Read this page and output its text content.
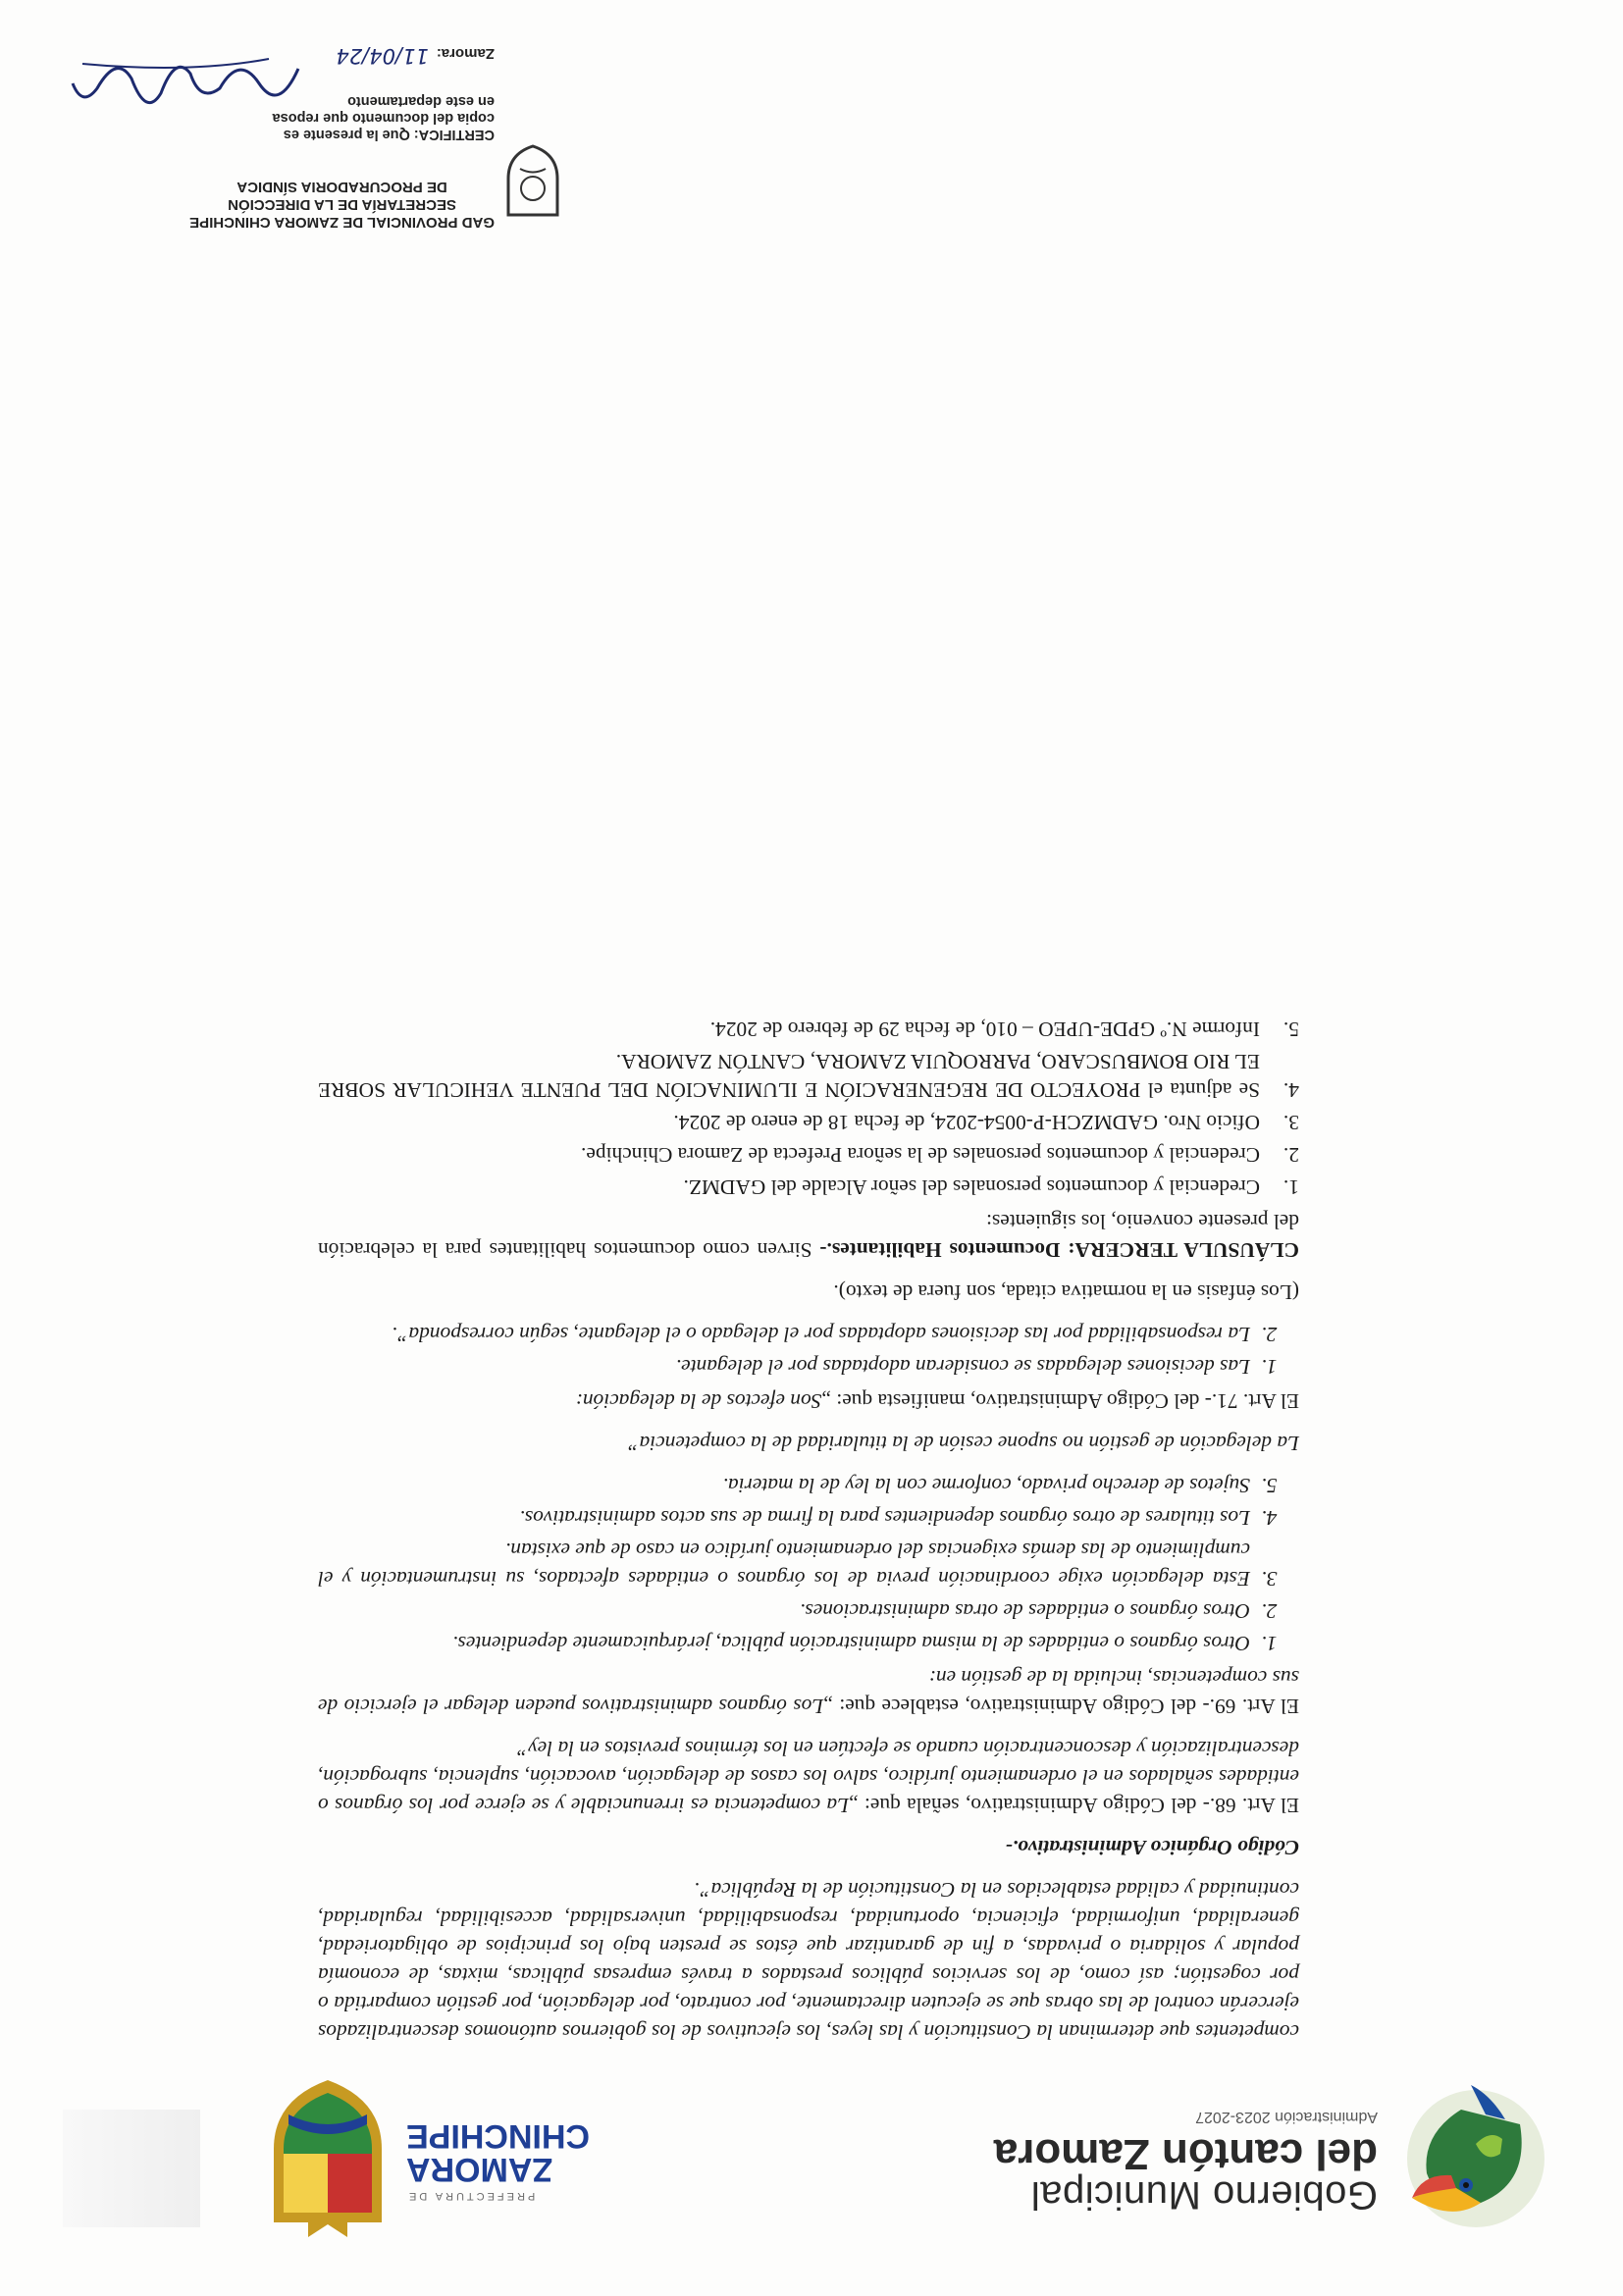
Gobierno Municipal
del cantón Zamora
Administración 2023-2027
PREFECTURA DE
ZAMORA
CHINCHIPE

competentes que determinan la Constitución y las leyes, los ejecutivos de los gobiernos autónomos descentralizados ejercerán control de las obras que se ejecuten directamente, por contrato, por delegación, por gestión compartida o por cogestión; así como, de los servicios públicos prestados a través empresas públicas, mixtas, de economía popular y solidaria o privadas, a fin de garantizar que éstos se presten bajo los principios de obligatoriedad, generalidad, uniformidad, eficiencia, oportunidad, responsabilidad, universalidad, accesibilidad, regularidad, continuidad y calidad establecidos en la Constitución de la República”.

Código Orgánico Administrativo.-

El Art. 68.- del Código Administrativo, señala que: „La competencia es irrenunciable y se ejerce por los órganos o entidades señalados en el ordenamiento jurídico, salvo los casos de delegación, avocación, suplencia, subrogación, descentralización y desconcentración cuando se efectúen en los términos previstos en la ley”

El Art. 69.- del Código Administrativo, establece que: „Los órganos administrativos pueden delegar el ejercicio de sus competencias, incluida la de gestión en:

1. Otros órganos o entidades de la misma administración pública, jerárquicamente dependientes.
2. Otros órganos o entidades de otras administraciones.
3. Esta delegación exige coordinación previa de los órganos o entidades afectados, su instrumentación y el cumplimiento de las demás exigencias del ordenamiento jurídico en caso de que existan.
4. Los titulares de otros órganos dependientes para la firma de sus actos administrativos.
5. Sujetos de derecho privado, conforme con la ley de la materia.

La delegación de gestión no supone cesión de la titularidad de la competencia”

El Art. 71.- del Código Administrativo, manifiesta que: „Son efectos de la delegación:

1. Las decisiones delegadas se consideran adoptadas por el delegante.
2. La responsabilidad por las decisiones adoptadas por el delegado o el delegante, según corresponda”.

(Los énfasis en la normativa citada, son fuera de texto).

CLÁUSULA TERCERA: Documentos Habilitantes.- Sirven como documentos habilitantes para la celebración del presente convenio, los siguientes:

1.
Credencial y documentos personales del señor Alcalde del GADMZ.
2.
Credencial y documentos personales de la señora Prefecta de Zamora Chinchipe.
3.
Oficio Nro. GADMZCH-P-0054-2024, de fecha 18 de enero de 2024.
4.
Se adjunta el PROYECTO DE REGENERACIÓN E ILUMINACIÓN DEL PUENTE VEHICULAR SOBRE EL RIO BOMBUSCARO, PARROQUIA ZAMORA, CANTÓN ZAMORA.
5.
Informe N.º GPDE-UPEO – 010, de fecha 29 de febrero de 2024.
GAD PROVINCIAL DE ZAMORA CHINCHIPE
SECRETARÍA DE LA DIRECCIÓN
DE PROCURADORIA SÍNDICA
CERTIFICA: Que la presente es
copia del documento que reposa
en este departamento
Zamora:11/04/24
